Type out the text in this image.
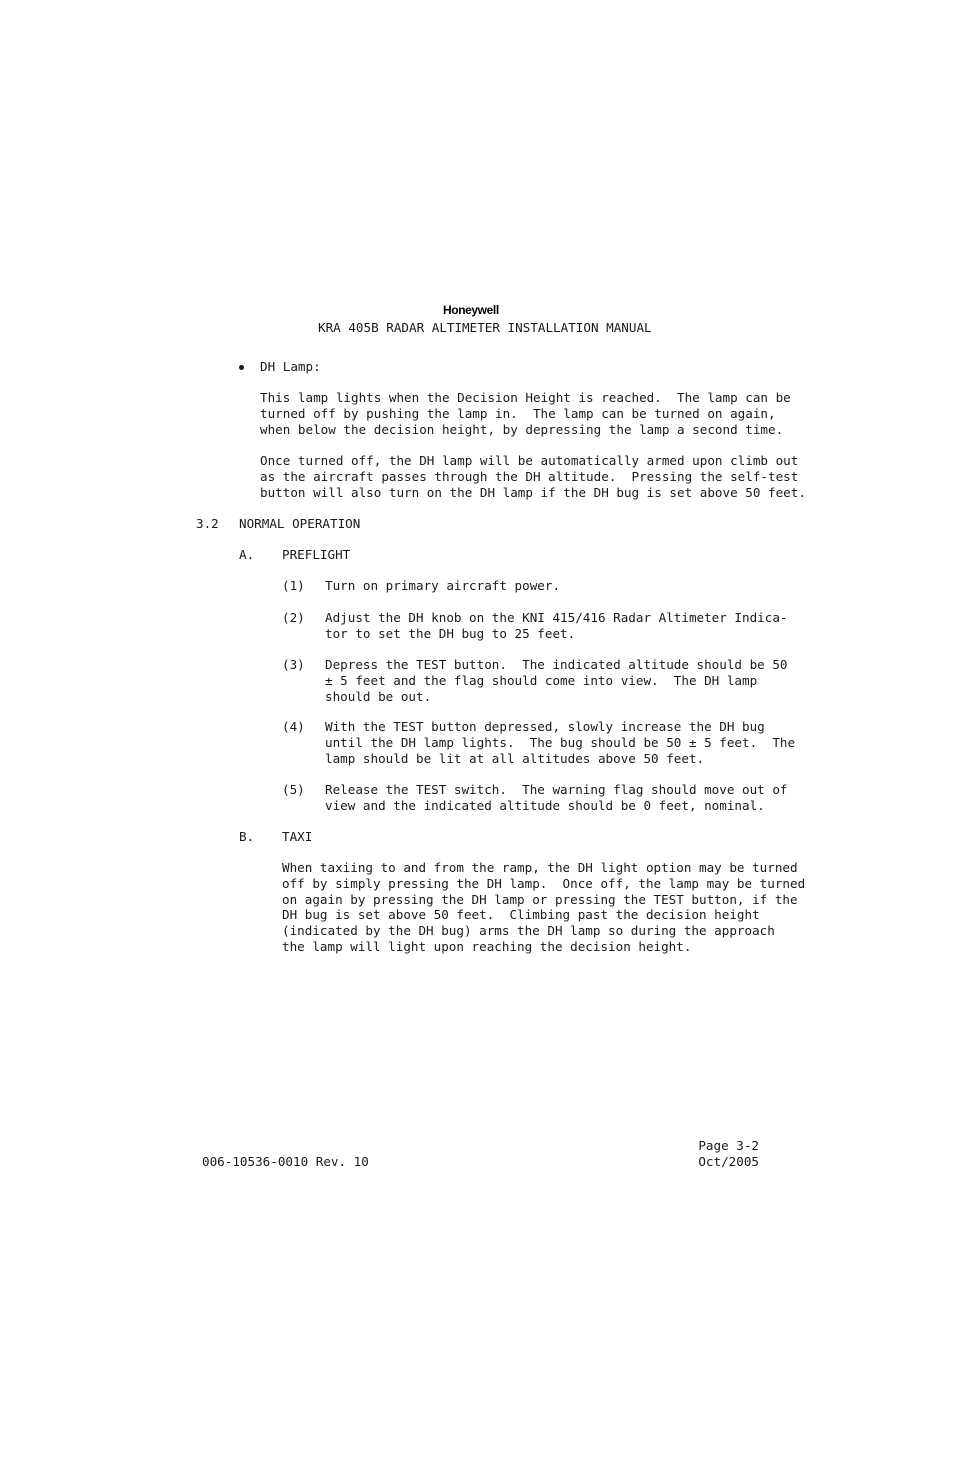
Honeywell
KRA 405B RADAR ALTIMETER INSTALLATION MANUAL
DH Lamp:
This lamp lights when the Decision Height is reached.  The lamp can be
turned off by pushing the lamp in.  The lamp can be turned on again,
when below the decision height, by depressing the lamp a second time.
Once turned off, the DH lamp will be automatically armed upon climb out
as the aircraft passes through the DH altitude.  Pressing the self-test
button will also turn on the DH lamp if the DH bug is set above 50 feet.
3.2 NORMAL OPERATION
A. PREFLIGHT
(1) Turn on primary aircraft power.
(2) Adjust the DH knob on the KNI 415/416 Radar Altimeter Indica-
tor to set the DH bug to 25 feet.
(3) Depress the TEST button.  The indicated altitude should be 50
± 5 feet and the flag should come into view.  The DH lamp
should be out.
(4) With the TEST button depressed, slowly increase the DH bug
until the DH lamp lights.  The bug should be 50 ± 5 feet.  The
lamp should be lit at all altitudes above 50 feet.
(5) Release the TEST switch.  The warning flag should move out of
view and the indicated altitude should be 0 feet, nominal.
B. TAXI
When taxiing to and from the ramp, the DH light option may be turned
off by simply pressing the DH lamp.  Once off, the lamp may be turned
on again by pressing the DH lamp or pressing the TEST button, if the
DH bug is set above 50 feet.  Climbing past the decision height
(indicated by the DH bug) arms the DH lamp so during the approach
the lamp will light upon reaching the decision height.
Page 3-2
006-10536-0010 Rev. 10	Oct/2005
